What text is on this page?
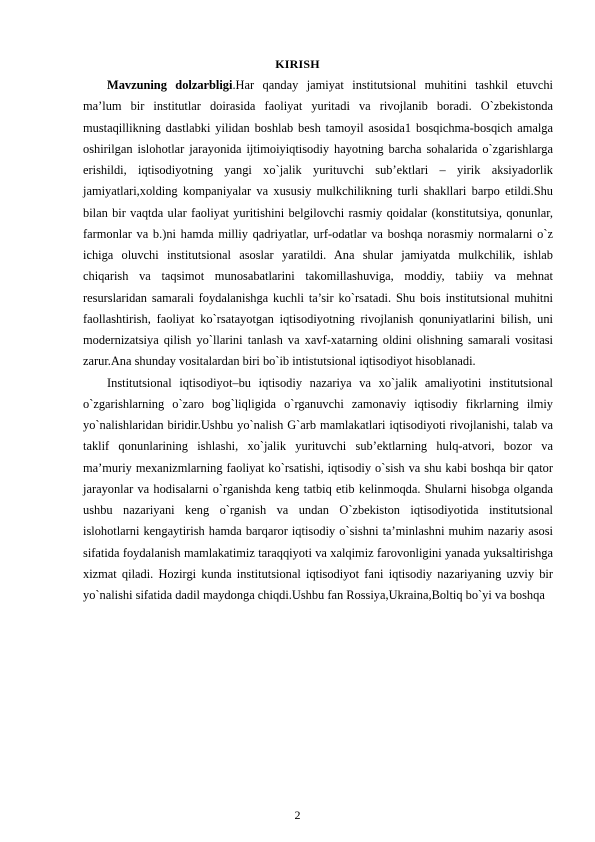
KIRISH

Mavzuning dolzarbligi.Har qanday jamiyat institutsional muhitini tashkil etuvchi ma’lum bir institutlar doirasida faoliyat yuritadi va rivojlanib boradi. O`zbekistonda mustaqillikning dastlabki yilidan boshlab besh tamoyil asosida1 bosqichma-bosqich amalga oshirilgan islohotlar jarayonida ijtimoiyiqtisodiy hayotning barcha sohalarida o`zgarishlarga erishildi, iqtisodiyotning yangi xo`jalik yurituvchi sub’ektlari – yirik aksiyadorlik jamiyatlari,xolding kompaniyalar va xususiy mulkchilikning turli shakllari barpo etildi.Shu bilan bir vaqtda ular faoliyat yuritishini belgilovchi rasmiy qoidalar (konstitutsiya, qonunlar, farmonlar va b.)ni hamda milliy qadriyatlar, urf-odatlar va boshqa norasmiy normalarni o`z ichiga oluvchi institutsional asoslar yaratildi. Ana shular jamiyatda mulkchilik, ishlab chiqarish va taqsimot munosabatlarini takomillashuviga, moddiy, tabiiy va mehnat resurslaridan samarali foydalanishga kuchli ta’sir ko`rsatadi. Shu bois institutsional muhitni faollashtirish, faoliyat ko`rsatayotgan iqtisodiyotning rivojlanish qonuniyatlarini bilish, uni modernizatsiya qilish yo`llarini tanlash va xavf-xatarning oldini olishning samarali vositasi zarur.Ana shunday vositalardan biri bo`ib intistutsional iqtisodiyot hisoblanadi.

Institutsional iqtisodiyot–bu iqtisodiy nazariya va xo`jalik amaliyotini institutsional o`zgarishlarning o`zaro bog`liqligida o`rganuvchi zamonaviy iqtisodiy fikrlarning ilmiy yo`nalishlaridan biridir.Ushbu yo`nalish G`arb mamlakatlari iqtisodiyoti rivojlanishi, talab va taklif qonunlarining ishlashi, xo`jalik yurituvchi sub’ektlarning hulq-atvori, bozor va ma’muriy mexanizmlarning faoliyat ko`rsatishi, iqtisodiy o`sish va shu kabi boshqa bir qator jarayonlar va hodisalarni o`rganishda keng tatbiq etib kelinmoqda. Shularni hisobga olganda ushbu nazariyani keng o`rganish va undan O`zbekiston iqtisodiyotida institutsional islohotlarni kengaytirish hamda barqaror iqtisodiy o`sishni ta’minlashni muhim nazariy asosi sifatida foydalanish mamlakatimiz taraqqiyoti va xalqimiz farovonligini yanada yuksaltirishga xizmat qiladi. Hozirgi kunda institutsional iqtisodiyot fani iqtisodiy nazariyaning uzviy bir yo`nalishi sifatida dadil maydonga chiqdi.Ushbu fan Rossiya,Ukraina,Boltiq bo`yi va boshqa

2
